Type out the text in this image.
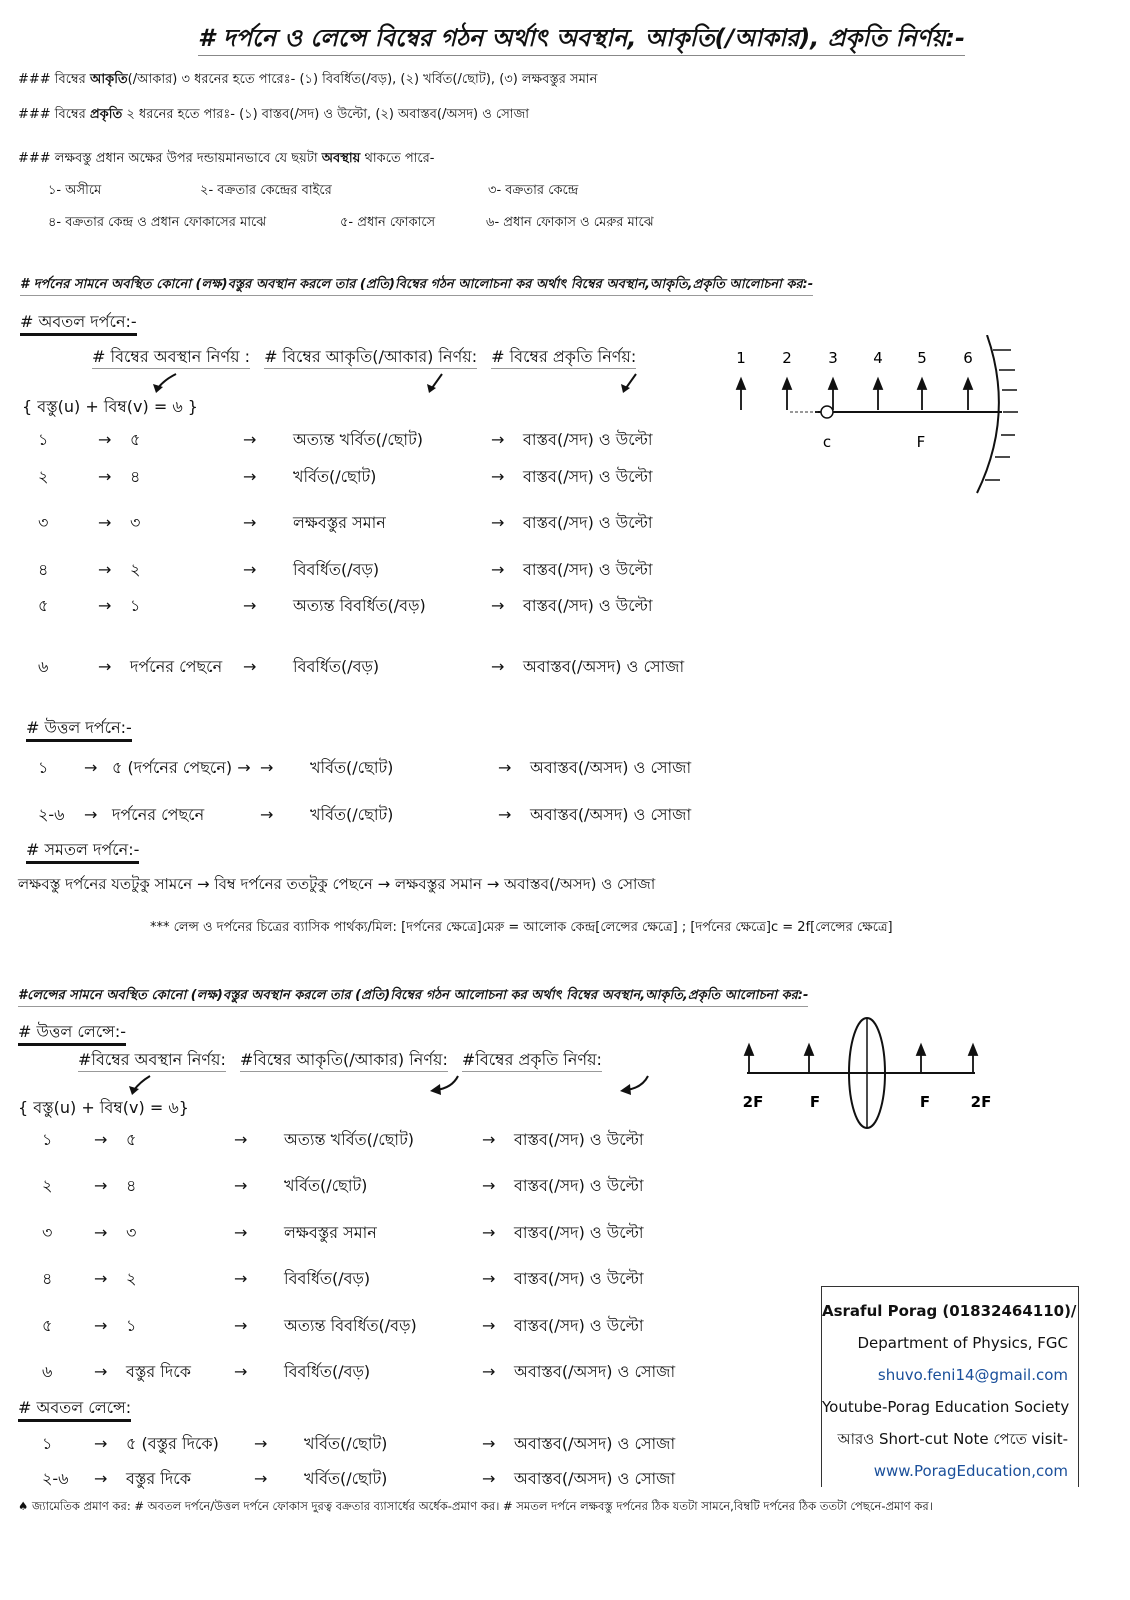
# দর্পনে ও লেন্সে বিম্বের গঠন অর্থাৎ অবস্থান, আকৃতি(/আকার), প্রকৃতি নির্ণয়:-
### বিম্বের আকৃতি(/আকার) ৩ ধরনের হতে পারেঃ- (১) বিবর্ধিত(/বড়), (২) খর্বিত(/ছোট), (৩) লক্ষবস্তুর সমান
### বিম্বের প্রকৃতি ২ ধরনের হতে পারঃ- (১) বাস্তব(/সদ) ও উল্টো, (২) অবাস্তব(/অসদ) ও সোজা
### লক্ষবস্তু প্রধান অক্ষের উপর দন্ডায়মানভাবে যে ছয়টা অবস্থায় থাকতে পারে-
১- অসীমে	২- বক্রতার কেন্দ্রের বাইরে	৩- বক্রতার কেন্দ্রে
৪- বক্রতার কেন্দ্র ও প্রধান ফোকাসের মাঝে	৫- প্রধান ফোকাসে	৬- প্রধান ফোকাস ও মেরুর মাঝে
# দর্পনের সামনে অবস্থিত কোনো (লক্ষ)বস্তুর অবস্থান করলে তার (প্রতি)বিম্বের গঠন আলোচনা কর অর্থাৎ বিম্বের অবস্থান,আকৃতি,প্রকৃতি আলোচনা কর:-
# অবতল দর্পনে:-
# বিম্বের অবস্থান নির্ণয় : # বিম্বের আকৃতি(/আকার) নির্ণয়: # বিম্বের প্রকৃতি নির্ণয়:
{ বস্তু(u) + বিম্ব(v) = ৬ }
১	→	৫	→	অত্যন্ত খর্বিত(/ছোট)	→	বাস্তব(/সদ) ও উল্টো
২	→	৪	→	খর্বিত(/ছোট)	→	বাস্তব(/সদ) ও উল্টো
৩	→	৩	→	লক্ষবস্তুর সমান	→	বাস্তব(/সদ) ও উল্টো
৪	→	২	→	বিবর্ধিত(/বড়)	→	বাস্তব(/সদ) ও উল্টো
৫	→	১	→	অত্যন্ত বিবর্ধিত(/বড়)	→	বাস্তব(/সদ) ও উল্টো
৬	→	দর্পনের পেছনে	→	বিবর্ধিত(/বড়)	→	অবাস্তব(/অসদ) ও সোজা
1 2 3 4 5 6
c	F
# উত্তল দর্পনে:-
১	→ ৫ (দর্পনের পেছনে) → →	খর্বিত(/ছোট)	→	অবাস্তব(/অসদ) ও সোজা
২-৬	→ দর্পনের পেছনে	→	খর্বিত(/ছোট)	→	অবাস্তব(/অসদ) ও সোজা
# সমতল দর্পনে:-
লক্ষবস্তু দর্পনের যতটুকু সামনে → বিম্ব দর্পনের ততটুকু পেছনে → লক্ষবস্তুর সমান → অবাস্তব(/অসদ) ও সোজা
*** লেন্স ও দর্পনের চিত্রের ব্যাসিক পার্থক্য/মিল: [দর্পনের ক্ষেত্রে]মেরু = আলোক কেন্দ্র[লেন্সের ক্ষেত্রে] ; [দর্পনের ক্ষেত্রে]c = 2f[লেন্সের ক্ষেত্রে]
#লেন্সের সামনে অবস্থিত কোনো (লক্ষ)বস্তুর অবস্থান করলে তার (প্রতি)বিম্বের গঠন আলোচনা কর অর্থাৎ বিম্বের অবস্থান,আকৃতি,প্রকৃতি আলোচনা কর:-
# উত্তল লেন্সে:-
#বিম্বের অবস্থান নির্ণয়: #বিম্বের আকৃতি(/আকার) নির্ণয়: #বিম্বের প্রকৃতি নির্ণয়:
{ বস্তু(u) + বিম্ব(v) = ৬}
১	→	৫	→	অত্যন্ত খর্বিত(/ছোট)	→	বাস্তব(/সদ) ও উল্টো
২	→	৪	→	খর্বিত(/ছোট)	→	বাস্তব(/সদ) ও উল্টো
৩	→	৩	→	লক্ষবস্তুর সমান	→	বাস্তব(/সদ) ও উল্টো
৪	→	২	→	বিবর্ধিত(/বড়)	→	বাস্তব(/সদ) ও উল্টো
৫	→	১	→	অত্যন্ত বিবর্ধিত(/বড়)	→	বাস্তব(/সদ) ও উল্টো
৬	→	বস্তুর দিকে	→	বিবর্ধিত(/বড়)	→	অবাস্তব(/অসদ) ও সোজা
2F	F	F	2F
# অবতল লেন্সে:
১	→	৫ (বস্তুর দিকে)	→	খর্বিত(/ছোট)	→	অবাস্তব(/অসদ) ও সোজা
২-৬	→	বস্তুর দিকে	→	খর্বিত(/ছোট)	→	অবাস্তব(/অসদ) ও সোজা
Asraful Porag (01832464110)/
Department of Physics, FGC
shuvo.feni14@gmail.com
Youtube-Porag Education Society
আরও Short-cut Note পেতে visit-
www.PoragEducation,com
♠ জ্যামেতিক প্রমাণ কর: # অবতল দর্পনে/উত্তল দর্পনে ফোকাস দুরত্ব বক্রতার ব্যাসার্ধের অর্ধেক-প্রমাণ কর। # সমতল দর্পনে লক্ষবস্তু দর্পনের ঠিক যতটা সামনে,বিম্বটি দর্পনের ঠিক ততটা পেছনে-প্রমাণ কর।
